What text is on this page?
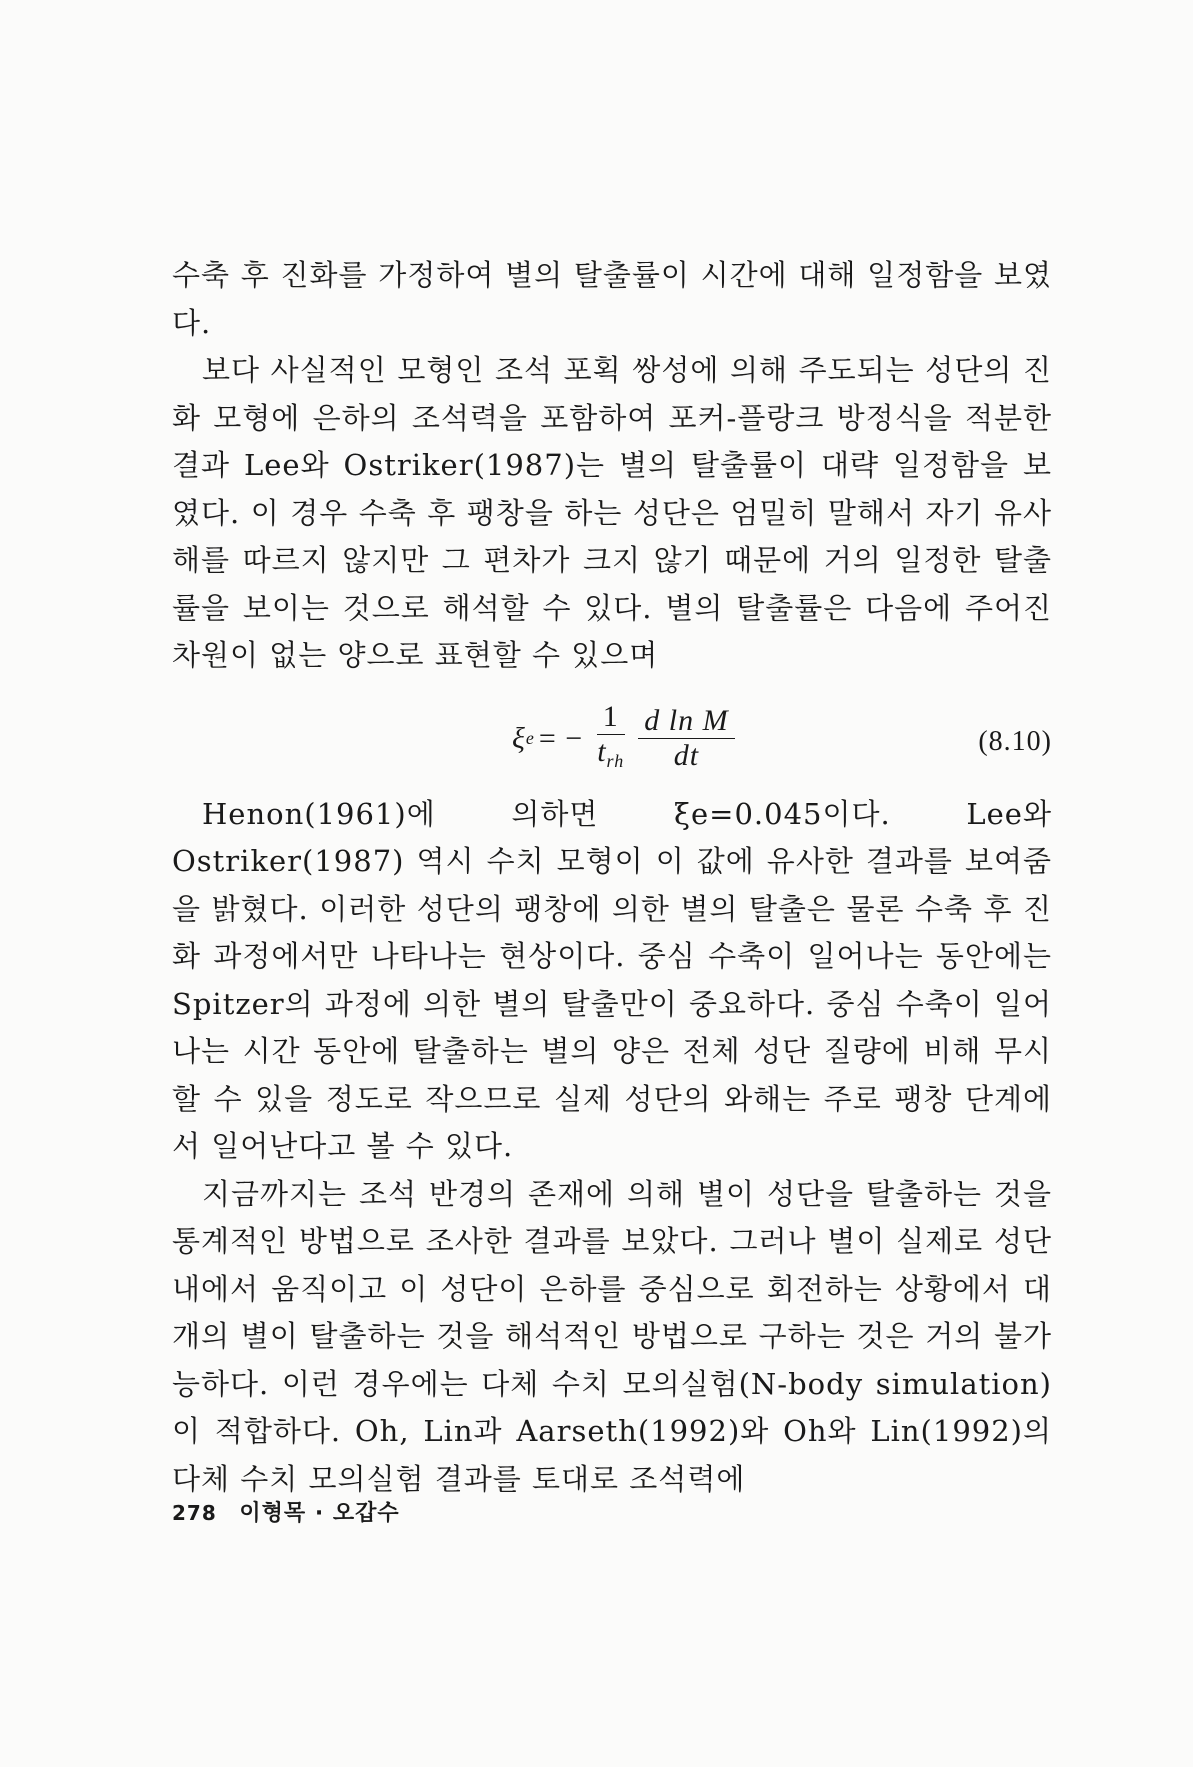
수축 후 진화를 가정하여 별의 탈출률이 시간에 대해 일정함을 보였다.

보다 사실적인 모형인 조석 포획 쌍성에 의해 주도되는 성단의 진화 모형에 은하의 조석력을 포함하여 포커-플랑크 방정식을 적분한 결과 Lee와 Ostriker(1987)는 별의 탈출률이 대략 일정함을 보였다. 이 경우 수축 후 팽창을 하는 성단은 엄밀히 말해서 자기 유사해를 따르지 않지만 그 편차가 크지 않기 때문에 거의 일정한 탈출률을 보이는 것으로 해석할 수 있다. 별의 탈출률은 다음에 주어진 차원이 없는 양으로 표현할 수 있으며

ξ e = − $\frac{1}{t_{rh}} \frac{\text{d ln M}}{dt}$	(8.10)

Henon(1961)에 의하면 ξe=0.045이다. Lee와 Ostriker(1987) 역시 수치 모형이 이 값에 유사한 결과를 보여줌을 밝혔다. 이러한 성단의 팽창에 의한 별의 탈출은 물론 수축 후 진화 과정에서만 나타나는 현상이다. 중심 수축이 일어나는 동안에는 Spitzer의 과정에 의한 별의 탈출만이 중요하다. 중심 수축이 일어나는 시간 동안에 탈출하는 별의 양은 전체 성단 질량에 비해 무시할 수 있을 정도로 작으므로 실제 성단의 와해는 주로 팽창 단계에서 일어난다고 볼 수 있다.

지금까지는 조석 반경의 존재에 의해 별이 성단을 탈출하는 것을 통계적인 방법으로 조사한 결과를 보았다. 그러나 별이 실제로 성단 내에서 움직이고 이 성단이 은하를 중심으로 회전하는 상황에서 대개의 별이 탈출하는 것을 해석적인 방법으로 구하는 것은 거의 불가능하다. 이런 경우에는 다체 수치 모의실험(N-body simulation)이 적합하다. Oh, Lin과 Aarseth(1992)와 Oh와 Lin(1992)의 다체 수치 모의실험 결과를 토대로 조석력에

278 이형목 · 오갑수
